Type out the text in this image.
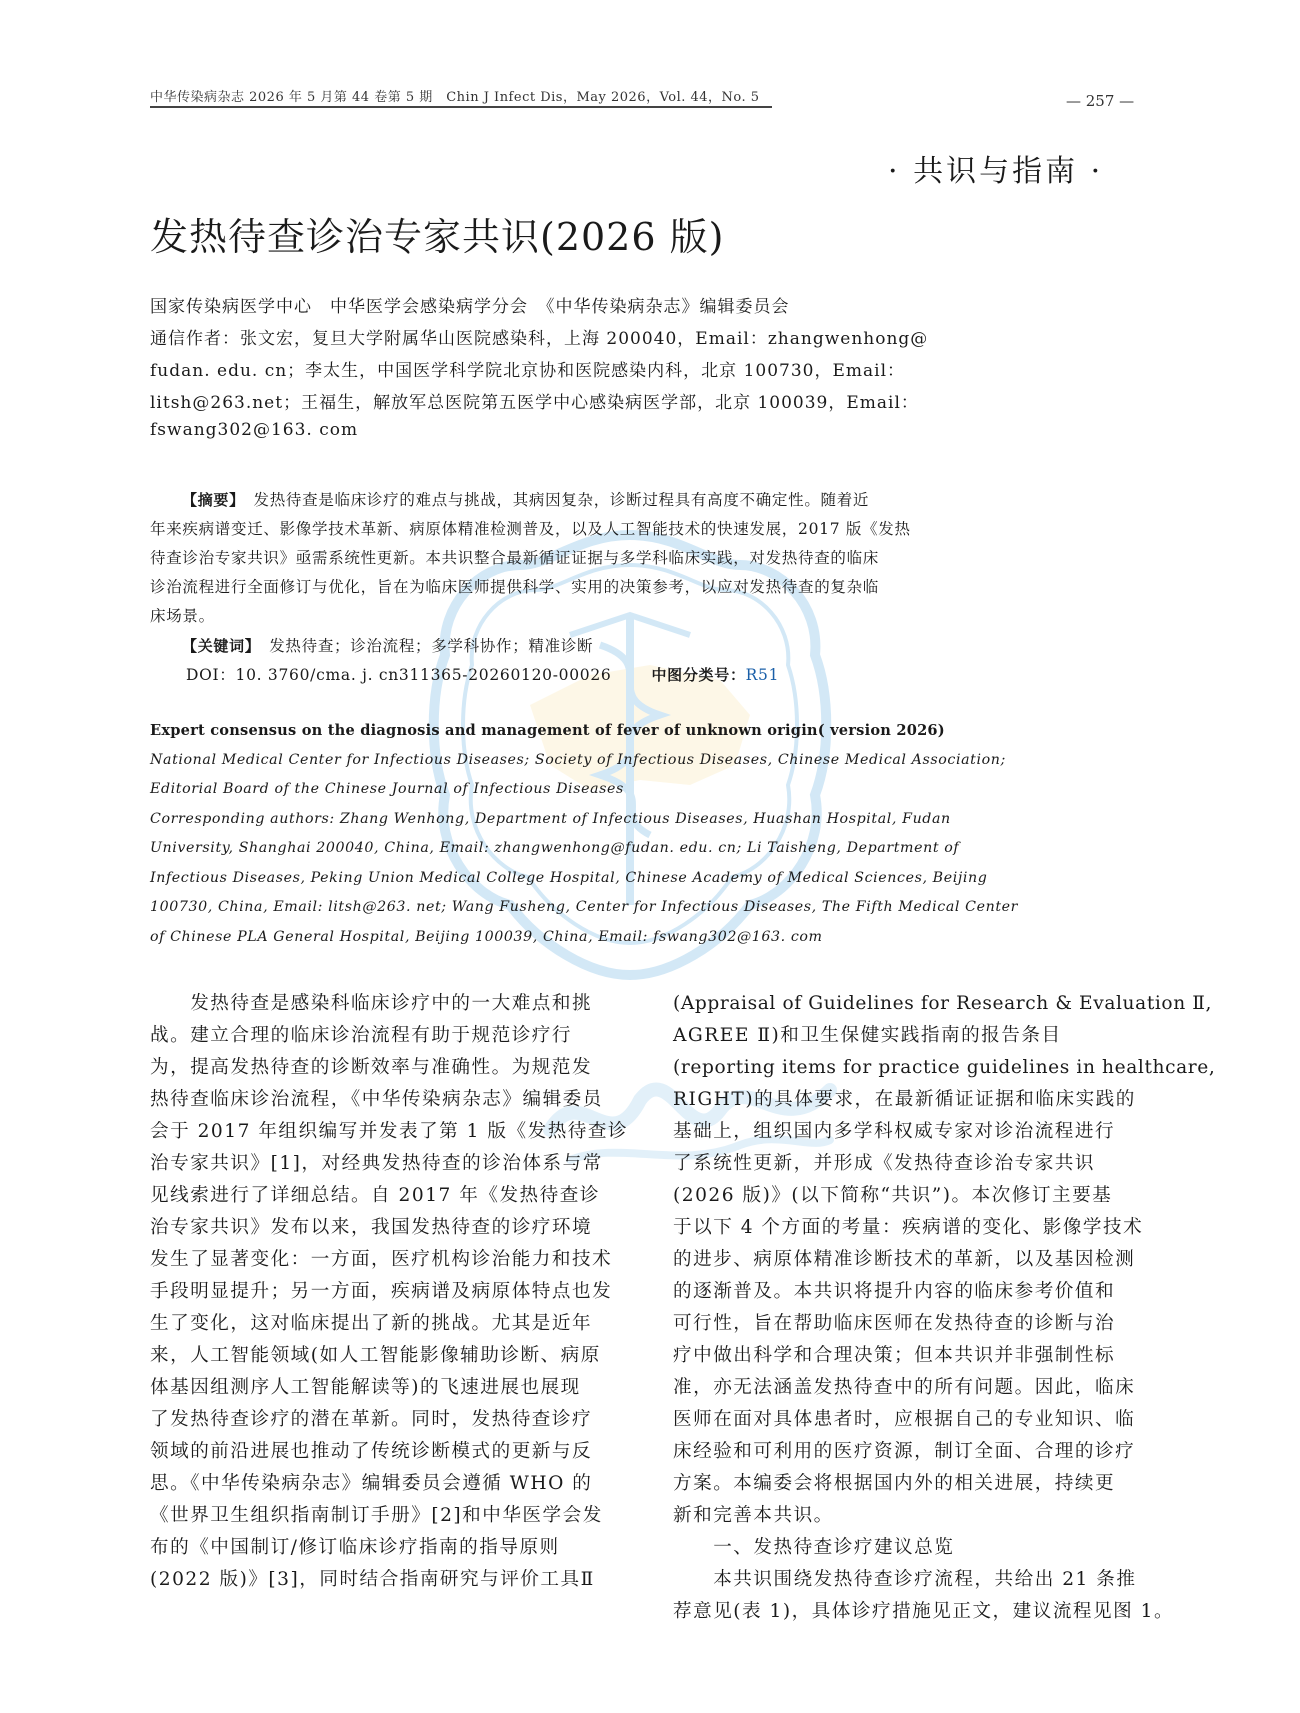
中华传染病杂志 2026 年 5 月第 44 卷第 5 期　Chin J Infect Dis，May 2026，Vol. 44，No. 5	— 257 —
· 共识与指南 ·
发热待查诊治专家共识(2026 版)
国家传染病医学中心　中华医学会感染病学分会　《中华传染病杂志》编辑委员会
通信作者：张文宏，复旦大学附属华山医院感染科，上海 200040，Email：zhangwenhong@
fudan. edu. cn；李太生，中国医学科学院北京协和医院感染内科，北京 100730，Email：
litsh@263.net；王福生，解放军总医院第五医学中心感染病医学部，北京 100039，Email：
fswang302@163. com
【摘要】　 发热待查是临床诊疗的难点与挑战，其病因复杂，诊断过程具有高度不确定性。随着近
年来疾病谱变迁、影像学技术革新、病原体精准检测普及，以及人工智能技术的快速发展，2017 版《发热
待查诊治专家共识》亟需系统性更新。本共识整合最新循证证据与多学科临床实践，对发热待查的临床
诊治流程进行全面修订与优化，旨在为临床医师提供科学、实用的决策参考，以应对发热待查的复杂临
床场景。
【关键词】　 发热待查；诊治流程；多学科协作；精准诊断
DOI：10. 3760/cma. j. cn311365-20260120-00026	中图分类号：R51
Expert consensus on the diagnosis and management of fever of unknown origin( version 2026)
National Medical Center for Infectious Diseases; Society of Infectious Diseases, Chinese Medical Association;
Editorial Board of the Chinese Journal of Infectious Diseases
Corresponding authors: Zhang Wenhong, Department of Infectious Diseases, Huashan Hospital, Fudan
University, Shanghai 200040, China, Email: zhangwenhong@fudan. edu. cn; Li Taisheng, Department of
Infectious Diseases, Peking Union Medical College Hospital, Chinese Academy of Medical Sciences, Beijing
100730, China, Email: litsh@263. net; Wang Fusheng, Center for Infectious Diseases, The Fifth Medical Center
of Chinese PLA General Hospital, Beijing 100039, China, Email: fswang302@163. com
　　发热待查是感染科临床诊疗中的一大难点和挑
战。建立合理的临床诊治流程有助于规范诊疗行
为，提高发热待查的诊断效率与准确性。为规范发
热待查临床诊治流程，《中华传染病杂志》编辑委员
会于 2017 年组织编写并发表了第 1 版《发热待查诊
治专家共识》[1]，对经典发热待查的诊治体系与常
见线索进行了详细总结。自 2017 年《发热待查诊
治专家共识》发布以来，我国发热待查的诊疗环境
发生了显著变化：一方面，医疗机构诊治能力和技术
手段明显提升；另一方面，疾病谱及病原体特点也发
生了变化，这对临床提出了新的挑战。尤其是近年
来，人工智能领域(如人工智能影像辅助诊断、病原
体基因组测序人工智能解读等)的飞速进展也展现
了发热待查诊疗的潜在革新。同时，发热待查诊疗
领域的前沿进展也推动了传统诊断模式的更新与反
思。《中华传染病杂志》编辑委员会遵循 WHO 的
《世界卫生组织指南制订手册》[2]和中华医学会发
布的《中国制订/修订临床诊疗指南的指导原则
(2022 版)》[3]，同时结合指南研究与评价工具Ⅱ
(Appraisal of Guidelines for Research & Evaluation Ⅱ,
AGREE Ⅱ)和卫生保健实践指南的报告条目
(reporting items for practice guidelines in healthcare,
RIGHT)的具体要求，在最新循证证据和临床实践的
基础上，组织国内多学科权威专家对诊治流程进行
了系统性更新，并形成《发热待查诊治专家共识
(2026 版)》(以下简称“共识”)。本次修订主要基
于以下 4 个方面的考量：疾病谱的变化、影像学技术
的进步、病原体精准诊断技术的革新，以及基因检测
的逐渐普及。本共识将提升内容的临床参考价值和
可行性，旨在帮助临床医师在发热待查的诊断与治
疗中做出科学和合理决策；但本共识并非强制性标
准，亦无法涵盖发热待查中的所有问题。因此，临床
医师在面对具体患者时，应根据自己的专业知识、临
床经验和可利用的医疗资源，制订全面、合理的诊疗
方案。本编委会将根据国内外的相关进展，持续更
新和完善本共识。
　　一、发热待查诊疗建议总览
　　本共识围绕发热待查诊疗流程，共给出 21 条推
荐意见(表 1)，具体诊疗措施见正文，建议流程见图 1。
